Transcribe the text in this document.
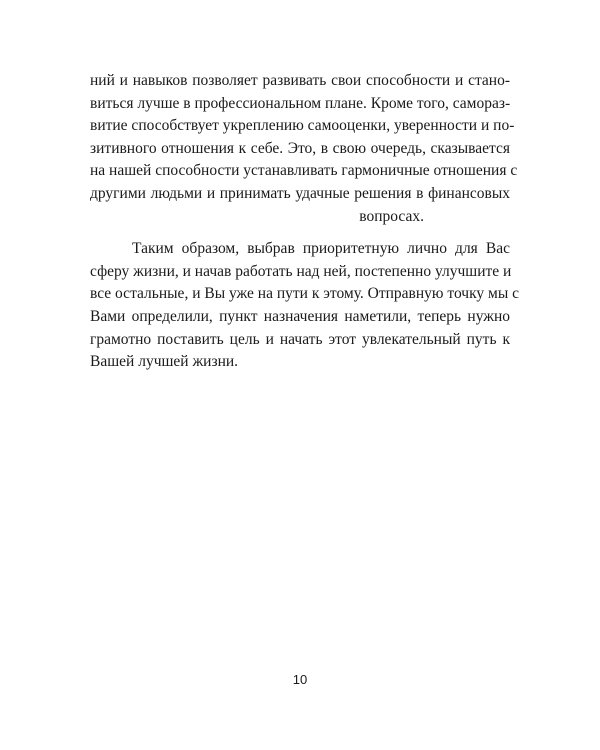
ний и навыков позволяет развивать свои способности и стано-
виться лучше в профессиональном плане. Кроме того, самораз-
витие способствует укреплению самооценки, уверенности и по-
зитивного отношения к себе. Это, в свою очередь, сказывается
на нашей способности устанавливать гармоничные отношения с
другими людьми и принимать удачные решения в финансовых
вопросах.
Таким образом, выбрав приоритетную лично для Вас
сферу жизни, и начав работать над ней, постепенно улучшите и
все остальные, и Вы уже на пути к этому. Отправную точку мы с
Вами определили, пункт назначения наметили, теперь нужно
грамотно поставить цель и начать этот увлекательный путь к
Вашей лучшей жизни.
10
